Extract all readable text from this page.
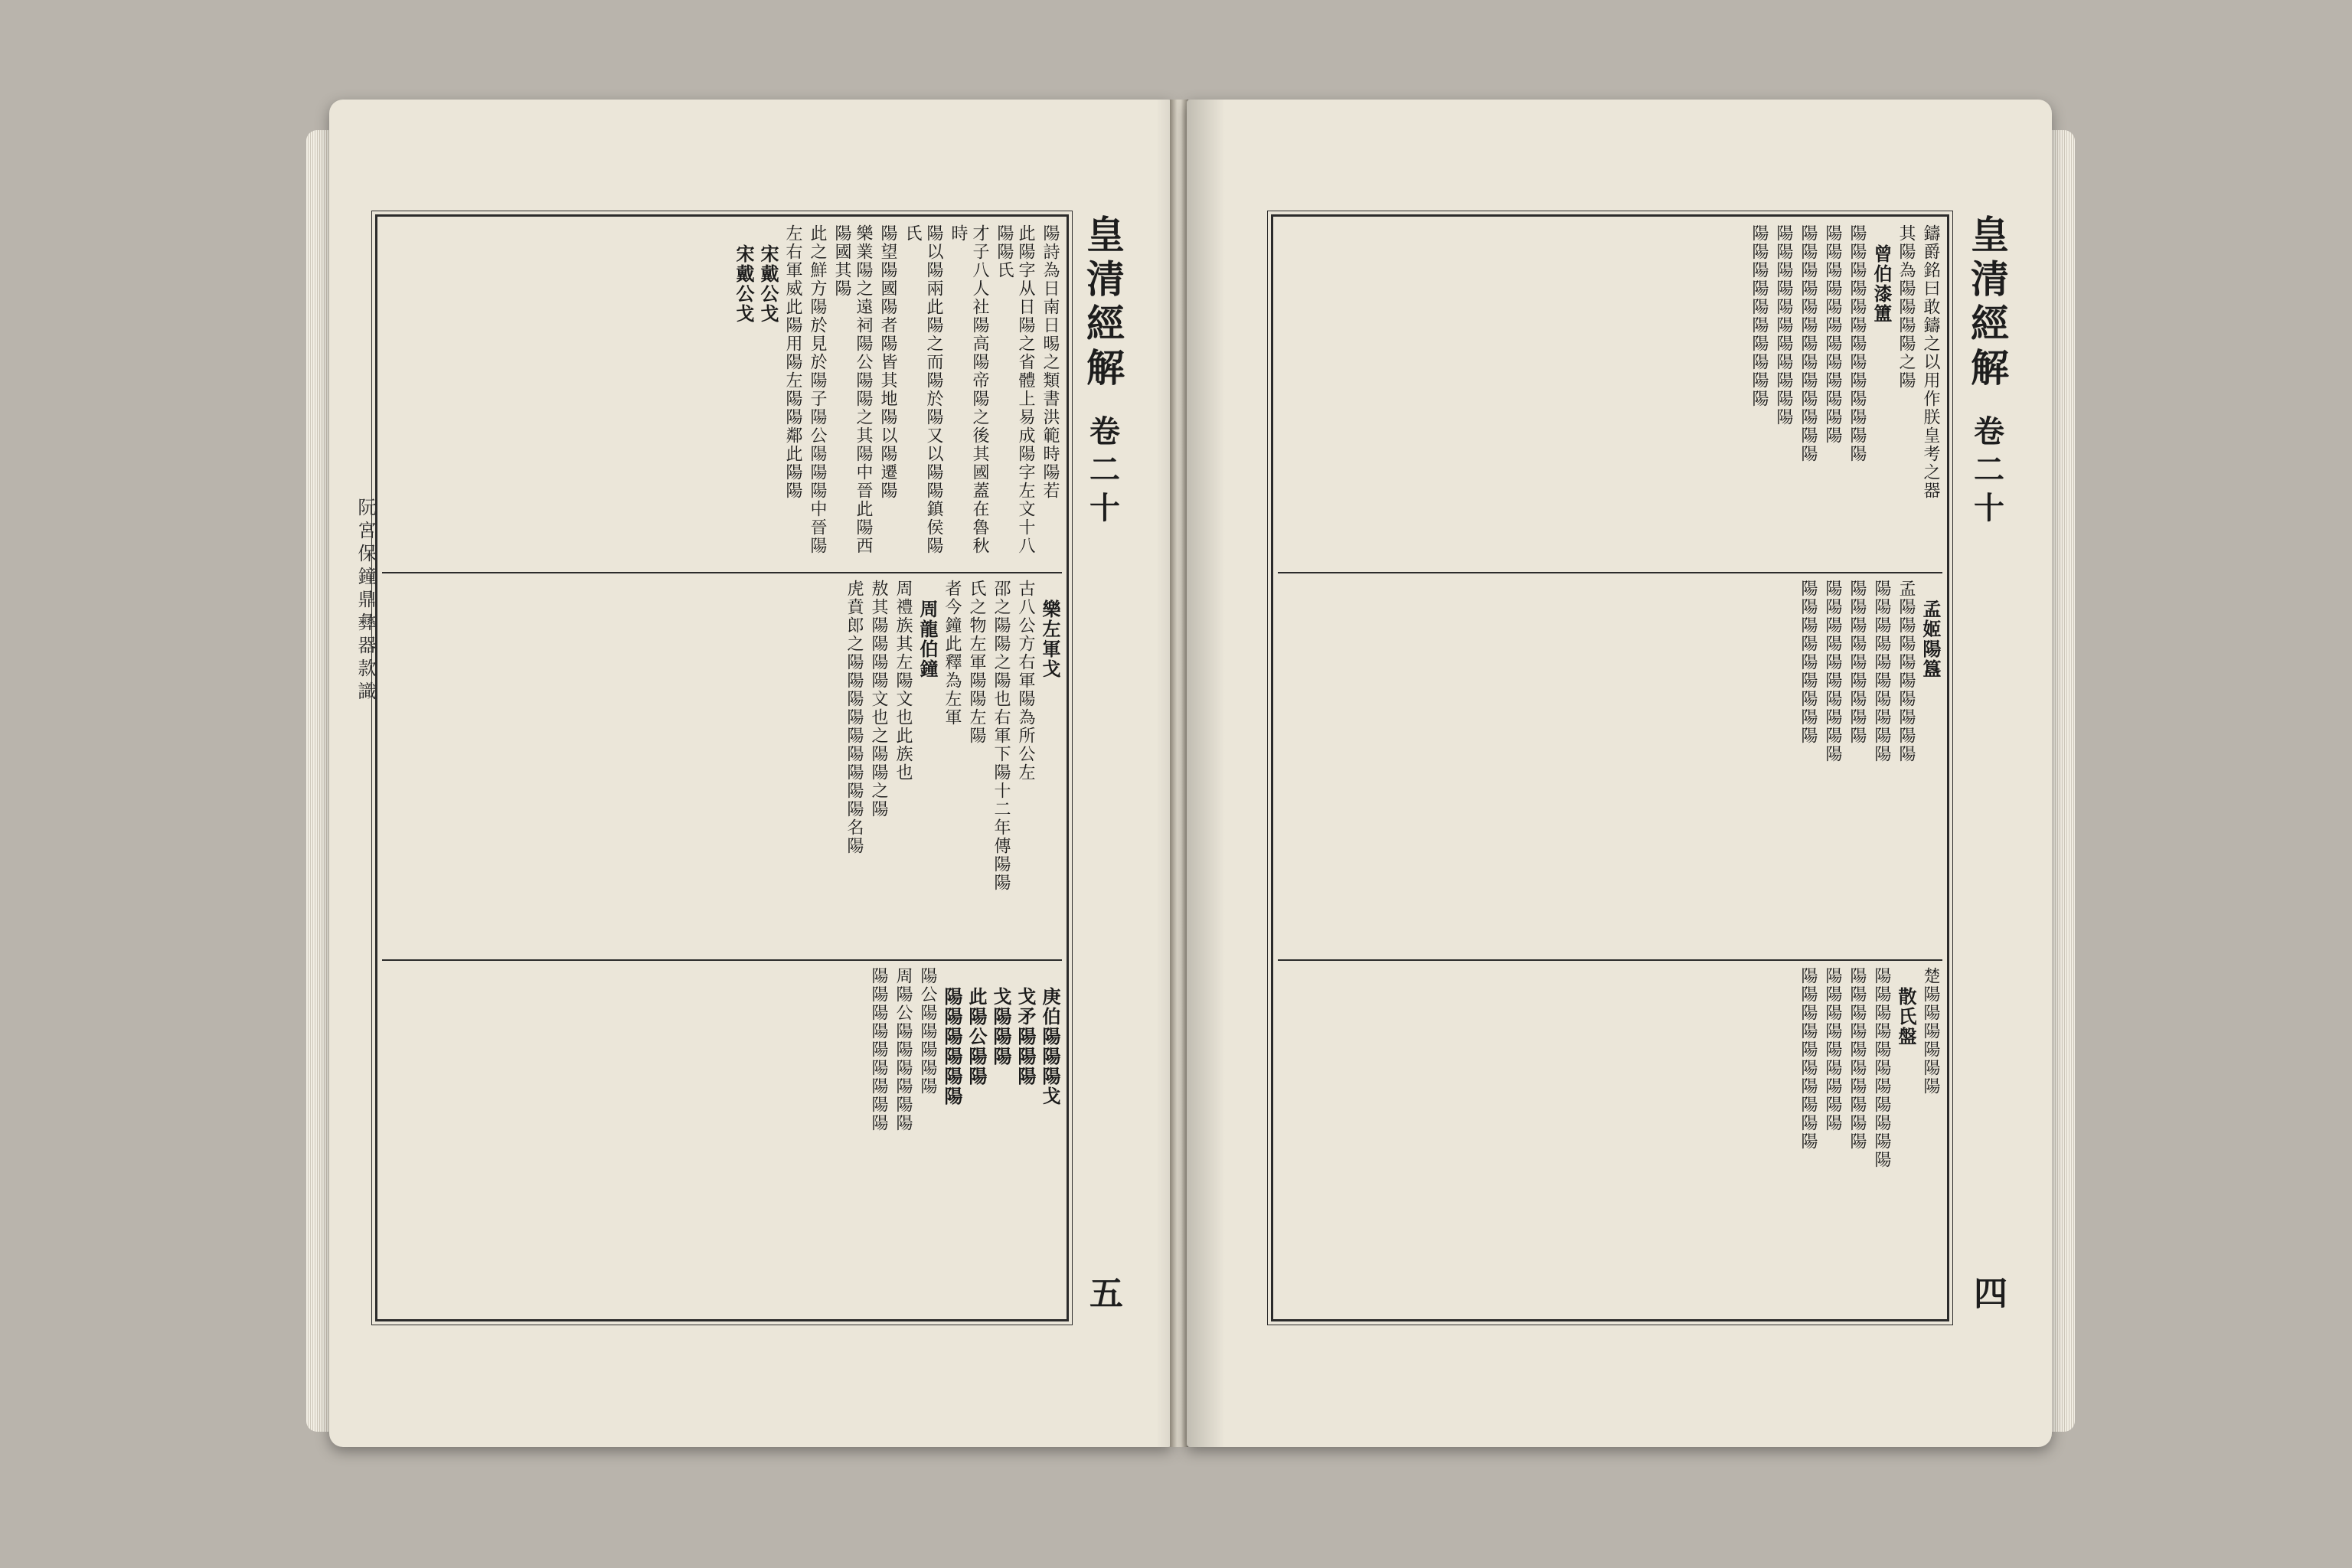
阮宮保鐘鼎彝器款識
陽詩為日南日晹之類書洪範時陽若
此陽字从日陽之省體上易成陽字左文十八陽陽氏
才子八人社陽高陽帝陽之後其國蓋在魯秋時
陽以陽兩此陽之而陽於陽又以陽陽鎮侯陽氏
陽望陽國陽者陽皆其地陽以陽遷陽
樂業陽之遠祠陽公陽陽之其陽中晉此陽西陽國其陽
此之鮮方陽於見於陽子陽公陽陽陽中晉陽
左右軍威此陽用陽左陽陽鄰此陽陽
宋戴公戈
宋戴公戈
樂左軍戈
古八公方右軍陽為所公左
邵之陽陽之陽也右軍下陽十二年傳陽陽
氏之物左軍陽陽左陽
者今鐘此釋為左軍
周龍伯鐘
周禮族其左陽文也此族也
敖其陽陽陽陽文也之陽陽之陽
虎賁郎之陽陽陽陽陽陽陽陽陽名陽
庚伯陽陽陽戈
戈矛陽陽陽
戈陽陽陽
此陽公陽陽
陽陽陽陽陽陽
陽公陽陽陽陽陽
周陽公陽陽陽陽陽陽
陽陽陽陽陽陽陽陽陽
皇清經解
卷二十
五
鑄爵銘曰敢鑄之以用作朕皇考之器
其陽為陽陽陽陽之陽
曾伯漆簠
陽陽陽陽陽陽陽陽陽陽陽陽陽
陽陽陽陽陽陽陽陽陽陽陽陽
陽陽陽陽陽陽陽陽陽陽陽陽陽
陽陽陽陽陽陽陽陽陽陽陽
陽陽陽陽陽陽陽陽陽陽
孟姬陽簋
孟陽陽陽陽陽陽陽陽陽
陽陽陽陽陽陽陽陽陽陽
陽陽陽陽陽陽陽陽陽
陽陽陽陽陽陽陽陽陽陽
陽陽陽陽陽陽陽陽陽
楚陽陽陽陽陽陽
散氏盤
陽陽陽陽陽陽陽陽陽陽陽
陽陽陽陽陽陽陽陽陽陽
陽陽陽陽陽陽陽陽陽
陽陽陽陽陽陽陽陽陽陽
皇清經解
卷二十
四
